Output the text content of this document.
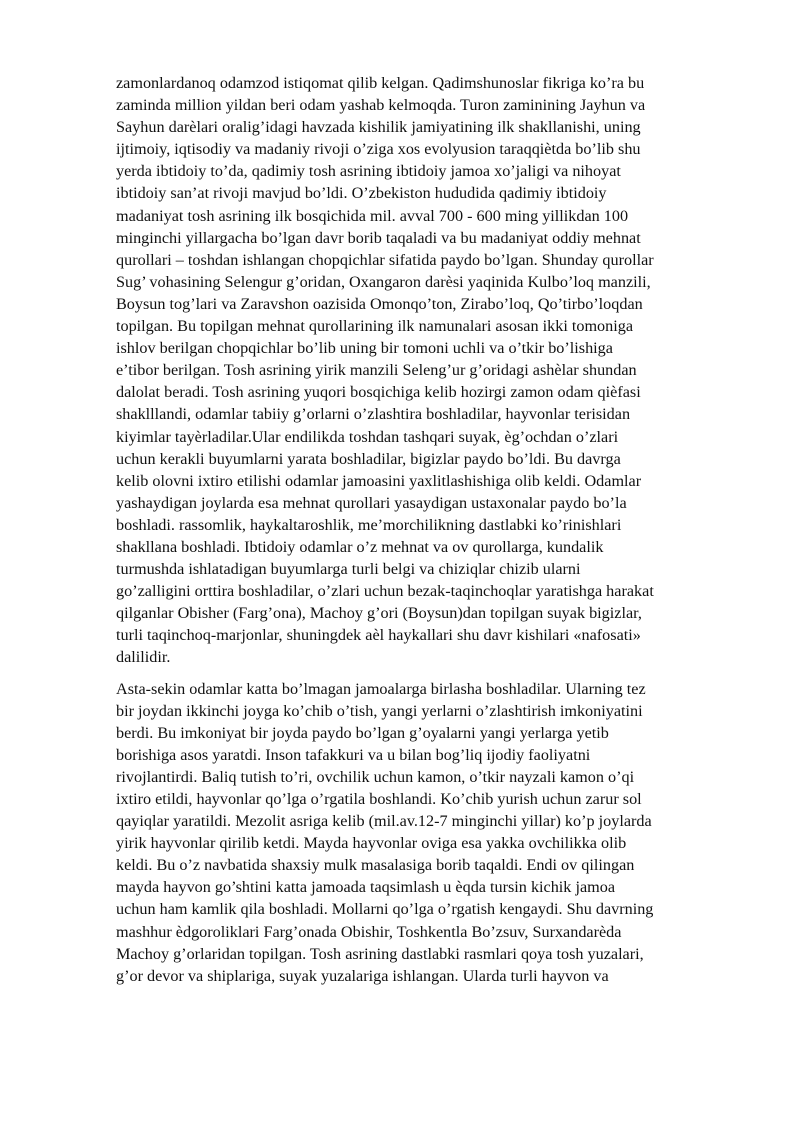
zamonlardanoq odamzod istiqomat qilib kelgan. Qadimshunoslar fikriga ko’ra bu
zaminda million yildan beri odam yashab kelmoqda. Turon zaminining Jayhun va
Sayhun darèlari oralig’idagi havzada kishilik jamiyatining ilk shakllanishi, uning
ijtimoiy, iqtisodiy va madaniy rivoji o’ziga xos evolyusion taraqqiètda bo’lib shu
yerda ibtidoiy to’da, qadimiy tosh asrining ibtidoiy jamoa xo’jaligi va nihoyat
ibtidoiy san’at rivoji mavjud bo’ldi. O’zbekiston hududida qadimiy ibtidoiy
madaniyat tosh asrining ilk bosqichida mil. avval 700 - 600 ming yillikdan 100
minginchi yillargacha bo’lgan davr borib taqaladi va bu madaniyat oddiy mehnat
qurollari – toshdan ishlangan chopqichlar sifatida paydo bo’lgan. Shunday qurollar
Sug’ vohasining Selengur g’oridan, Oxangaron darèsi yaqinida Kulbo’loq manzili,
Boysun tog’lari va Zaravshon oazisida Omonqo’ton, Zirabo’loq, Qo’tirbo’loqdan
topilgan. Bu topilgan mehnat qurollarining ilk namunalari asosan ikki tomoniga
ishlov berilgan chopqichlar bo’lib uning bir tomoni uchli va o’tkir bo’lishiga
e’tibor berilgan. Tosh asrining yirik manzili Seleng’ur g’oridagi ashèlar shundan
dalolat beradi. Tosh asrining yuqori bosqichiga kelib hozirgi zamon odam qièfasi
shaklllandi, odamlar tabiiy g’orlarni o’zlashtira boshladilar, hayvonlar terisidan
kiyimlar tayèrladilar.Ular endilikda toshdan tashqari suyak, èg’ochdan o’zlari
uchun kerakli buyumlarni yarata boshladilar, bigizlar paydo bo’ldi. Bu davrga
kelib olovni ixtiro etilishi odamlar jamoasini yaxlitlashishiga olib keldi. Odamlar
yashaydigan joylarda esa mehnat qurollari yasaydigan ustaxonalar paydo bo’la
boshladi. rassomlik, haykaltaroshlik, me’morchilikning dastlabki ko’rinishlari
shakllana boshladi. Ibtidoiy odamlar o’z mehnat va ov qurollarga, kundalik
turmushda ishlatadigan buyumlarga turli belgi va chiziqlar chizib ularni
go’zalligini orttira boshladilar, o’zlari uchun bezak-taqinchoqlar yaratishga harakat
qilganlar Obisher (Farg’ona), Machoy g’ori (Boysun)dan topilgan suyak bigizlar,
turli taqinchoq-marjonlar, shuningdek aèl haykallari shu davr kishilari «nafosati»
dalilidir.
Asta-sekin odamlar katta bo’lmagan jamoalarga birlasha boshladilar. Ularning tez
bir joydan ikkinchi joyga ko’chib o’tish, yangi yerlarni o’zlashtirish imkoniyatini
berdi. Bu imkoniyat bir joyda paydo bo’lgan g’oyalarni yangi yerlarga yetib
borishiga asos yaratdi. Inson tafakkuri va u bilan bog’liq ijodiy faoliyatni
rivojlantirdi. Baliq tutish to’ri, ovchilik uchun kamon, o’tkir nayzali kamon o’qi
ixtiro etildi, hayvonlar qo’lga o’rgatila boshlandi. Ko’chib yurish uchun zarur sol
qayiqlar yaratildi. Mezolit asriga kelib (mil.av.12-7 minginchi yillar) ko’p joylarda
yirik hayvonlar qirilib ketdi. Mayda hayvonlar oviga esa yakka ovchilikka olib
keldi. Bu o’z navbatida shaxsiy mulk masalasiga borib taqaldi. Endi ov qilingan
mayda hayvon go’shtini katta jamoada taqsimlash u èqda tursin kichik jamoa
uchun ham kamlik qila boshladi. Mollarni qo’lga o’rgatish kengaydi. Shu davrning
mashhur èdgoroliklari Farg’onada Obishir, Toshkentla Bo’zsuv, Surxandarèda
Machoy g’orlaridan topilgan. Tosh asrining dastlabki rasmlari qoya tosh yuzalari,
g’or devor va shiplariga, suyak yuzalariga ishlangan. Ularda turli hayvon va
